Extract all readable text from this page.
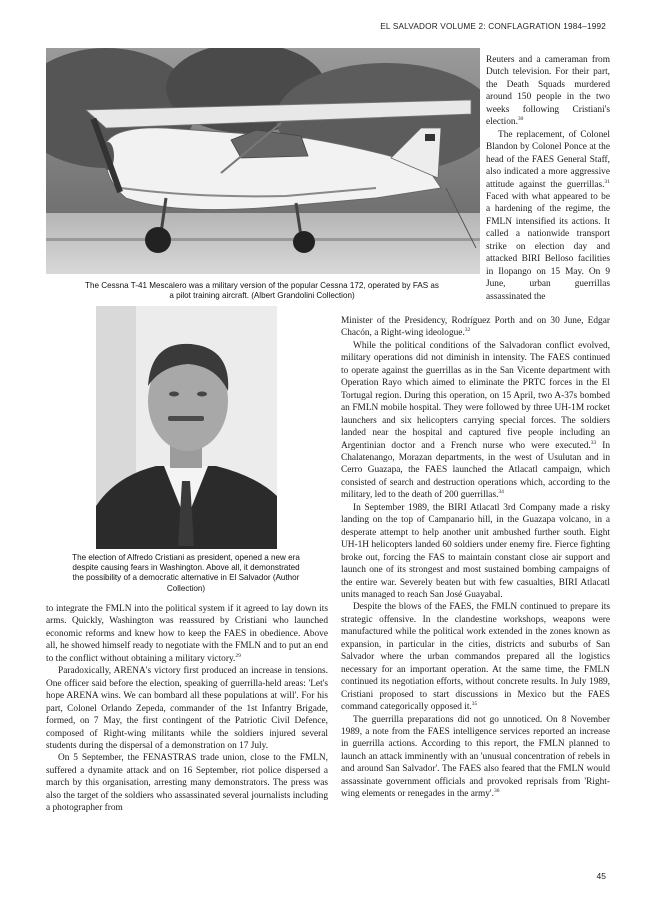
EL SALVADOR VOLUME 2: CONFLAGRATION 1984–1992
The Cessna T-41 Mescalero was a military version of the popular Cessna 172, operated by FAS as a pilot training aircraft. (Albert Grandolini Collection)
The election of Alfredo Cristiani as president, opened a new era despite causing fears in Washington. Above all, it demonstrated the possibility of a democratic alternative in El Salvador (Author Collection)

Reuters and a cameraman from Dutch television. For their part, the Death Squads murdered around 150 people in the two weeks following Cristiani's election.$^{30}$

The replacement, of Colonel Blandon by Colonel Ponce at the head of the FAES General Staff, also indicated a more aggressive attitude against the guerrillas.$^{31}$ Faced with what appeared to be a hardening of the regime, the FMLN intensified its actions. It called a nationwide transport strike on election day and attacked BIRI Belloso facilities in Ilopango on 15 May. On 9 June, urban guerrillas assassinated the

Minister of the Presidency, Rodríguez Porth and on 30 June, Edgar Chacón, a Right-wing ideologue.$^{32}$

While the political conditions of the Salvadoran conflict evolved, military operations did not diminish in intensity. The FAES continued to operate against the guerrillas as in the San Vicente department with Operation Rayo which aimed to eliminate the PRTC forces in the El Tortugal region. During this operation, on 15 April, two A-37s bombed an FMLN mobile hospital. They were followed by three UH-1M rocket launchers and six helicopters carrying special forces. The soldiers landed near the hospital and captured five people including an Argentinian doctor and a French nurse who were executed.$^{33}$ In Chalatenango, Morazan departments, in the west of Usulutan and in Cerro Guazapa, the FAES launched the Atlacatl campaign, which consisted of search and destruction operations which, according to the military, led to the death of 200 guerrillas.$^{34}$

In September 1989, the BIRI Atlacatl 3rd Company made a risky landing on the top of Campanario hill, in the Guazapa volcano, in a desperate attempt to help another unit ambushed further south. Eight UH-1H helicopters landed 60 soldiers under enemy fire. Fierce fighting broke out, forcing the FAS to maintain constant close air support and launch one of its strongest and most sustained bombing campaigns of the entire war. Severely beaten but with few casualties, BIRI Atlacatl units managed to reach San José Guayabal.

Despite the blows of the FAES, the FMLN continued to prepare its strategic offensive. In the clandestine workshops, weapons were manufactured while the political work extended in the zones known as expansion, in particular in the cities, districts and suburbs of San Salvador where the urban commandos prepared all the logistics necessary for an important operation. At the same time, the FMLN continued its negotiation efforts, without concrete results. In July 1989, Cristiani proposed to start discussions in Mexico but the FAES command categorically opposed it.$^{35}$

The guerrilla preparations did not go unnoticed. On 8 November 1989, a note from the FAES intelligence services reported an increase in guerrilla actions. According to this report, the FMLN planned to launch an attack imminently with an 'unusual concentration of rebels in and around San Salvador'. The FAES also feared that the FMLN would assassinate government officials and provoked reprisals from 'Right-wing elements or renegades in the army'.$^{36}$

to integrate the FMLN into the political system if it agreed to lay down its arms. Quickly, Washington was reassured by Cristiani who launched economic reforms and knew how to keep the FAES in obedience. Above all, he showed himself ready to negotiate with the FMLN and to put an end to the conflict without obtaining a military victory.$^{29}$

Paradoxically, ARENA's victory first produced an increase in tensions. One officer said before the election, speaking of guerrilla-held areas: 'Let's hope ARENA wins. We can bombard all these populations at will'. For his part, Colonel Orlando Zepeda, commander of the 1st Infantry Brigade, formed, on 7 May, the first contingent of the Patriotic Civil Defence, composed of Right-wing militants while the soldiers injured several students during the dispersal of a demonstration on 17 July.

On 5 September, the FENASTRAS trade union, close to the FMLN, suffered a dynamite attack and on 16 September, riot police dispersed a march by this organisation, arresting many demonstrators. The press was also the target of the soldiers who assassinated several journalists including a photographer from

45
